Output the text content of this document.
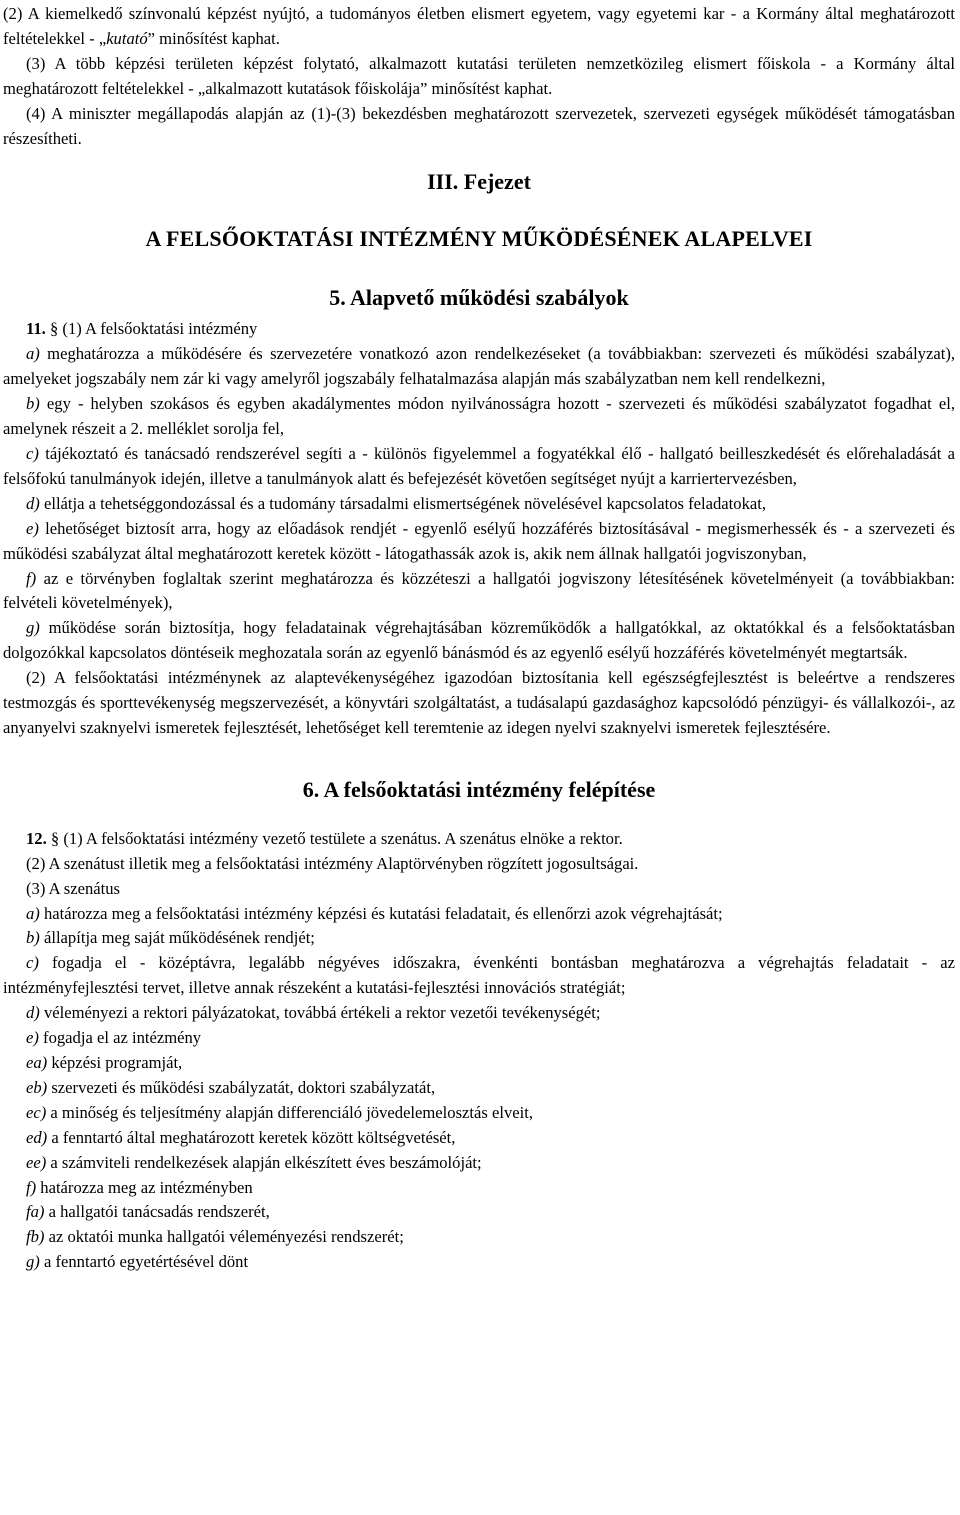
(2) A kiemelkedő színvonalú képzést nyújtó, a tudományos életben elismert egyetem, vagy egyetemi kar - a Kormány által meghatározott feltételekkel - „kutató” minősítést kaphat.

(3) A több képzési területen képzést folytató, alkalmazott kutatási területen nemzetközileg elismert főiskola - a Kormány által meghatározott feltételekkel - „alkalmazott kutatások főiskolája” minősítést kaphat.

(4) A miniszter megállapodás alapján az (1)-(3) bekezdésben meghatározott szervezetek, szervezeti egységek működését támogatásban részesítheti.

III. Fejezet

A FELSŐOKTATÁSI INTÉZMÉNY MŰKÖDÉSÉNEK ALAPELVEI

5. Alapvető működési szabályok

11. § (1) A felsőoktatási intézmény

a) meghatározza a működésére és szervezetére vonatkozó azon rendelkezéseket (a továbbiakban: szervezeti és működési szabályzat), amelyeket jogszabály nem zár ki vagy amelyről jogszabály felhatalmazása alapján más szabályzatban nem kell rendelkezni,

b) egy - helyben szokásos és egyben akadálymentes módon nyilvánosságra hozott - szervezeti és működési szabályzatot fogadhat el, amelynek részeit a 2. melléklet sorolja fel,

c) tájékoztató és tanácsadó rendszerével segíti a - különös figyelemmel a fogyatékkal élő - hallgató beilleszkedését és előrehaladását a felsőfokú tanulmányok idején, illetve a tanulmányok alatt és befejezését követően segítséget nyújt a karriertervezésben,

d) ellátja a tehetséggondozással és a tudomány társadalmi elismertségének növelésével kapcsolatos feladatokat,

e) lehetőséget biztosít arra, hogy az előadások rendjét - egyenlő esélyű hozzáférés biztosításával - megismerhessék és - a szervezeti és működési szabályzat által meghatározott keretek között - látogathassák azok is, akik nem állnak hallgatói jogviszonyban,

f) az e törvényben foglaltak szerint meghatározza és közzéteszi a hallgatói jogviszony létesítésének követelményeit (a továbbiakban: felvételi követelmények),

g) működése során biztosítja, hogy feladatainak végrehajtásában közreműködők a hallgatókkal, az oktatókkal és a felsőoktatásban dolgozókkal kapcsolatos döntéseik meghozatala során az egyenlő bánásmód és az egyenlő esélyű hozzáférés követelményét megtartsák.

(2) A felsőoktatási intézménynek az alaptevékenységéhez igazodóan biztosítania kell egészségfejlesztést is beleértve a rendszeres testmozgás és sporttevékenység megszervezését, a könyvtári szolgáltatást, a tudásalapú gazdasághoz kapcsolódó pénzügyi- és vállalkozói-, az anyanyelvi szaknyelvi ismeretek fejlesztését, lehetőséget kell teremtenie az idegen nyelvi szaknyelvi ismeretek fejlesztésére.

6. A felsőoktatási intézmény felépítése

12. § (1) A felsőoktatási intézmény vezető testülete a szenátus. A szenátus elnöke a rektor.

(2) A szenátust illetik meg a felsőoktatási intézmény Alaptörvényben rögzített jogosultságai.

(3) A szenátus

a) határozza meg a felsőoktatási intézmény képzési és kutatási feladatait, és ellenőrzi azok végrehajtását;

b) állapítja meg saját működésének rendjét;

c) fogadja el - középtávra, legalább négyéves időszakra, évenkénti bontásban meghatározva a végrehajtás feladatait - az intézményfejlesztési tervet, illetve annak részeként a kutatási-fejlesztési innovációs stratégiát;

d) véleményezi a rektori pályázatokat, továbbá értékeli a rektor vezetői tevékenységét;

e) fogadja el az intézmény

ea) képzési programját,

eb) szervezeti és működési szabályzatát, doktori szabályzatát,

ec) a minőség és teljesítmény alapján differenciáló jövedelemelosztás elveit,

ed) a fenntartó által meghatározott keretek között költségvetését,

ee) a számviteli rendelkezések alapján elkészített éves beszámolóját;

f) határozza meg az intézményben

fa) a hallgatói tanácsadás rendszerét,

fb) az oktatói munka hallgatói véleményezési rendszerét;

g) a fenntartó egyetértésével dönt
